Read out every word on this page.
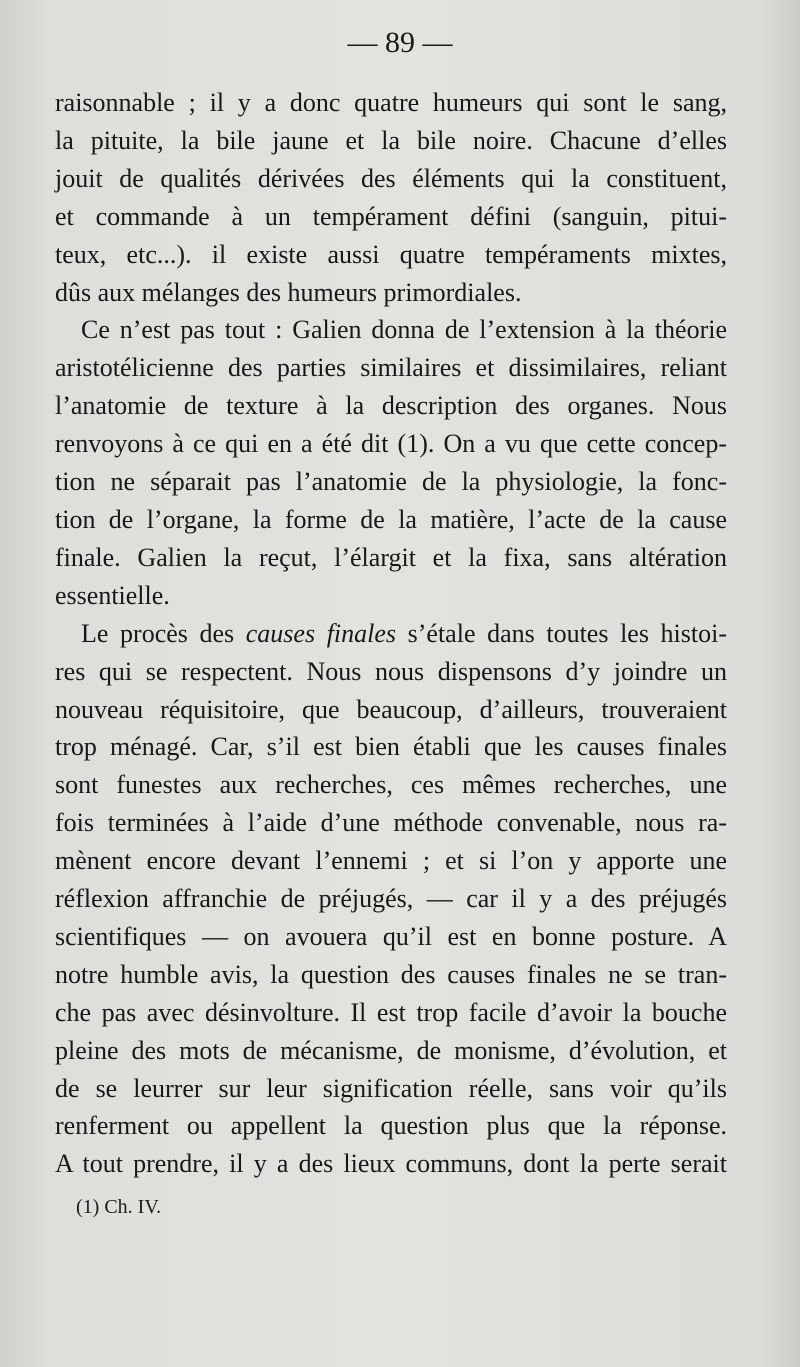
— 89 —
raisonnable ; il y a donc quatre humeurs qui sont le sang,
la pituite, la bile jaune et la bile noire. Chacune d’elles
jouit de qualités dérivées des éléments qui la constituent,
et commande à un tempérament défini (sanguin, pitui-
teux, etc...). il existe aussi quatre tempéraments mixtes,
dûs aux mélanges des humeurs primordiales.
Ce n’est pas tout : Galien donna de l’extension à la théorie
aristotélicienne des parties similaires et dissimilaires, reliant
l’anatomie de texture à la description des organes. Nous
renvoyons à ce qui en a été dit (1). On a vu que cette concep-
tion ne séparait pas l’anatomie de la physiologie, la fonc-
tion de l’organe, la forme de la matière, l’acte de la cause
finale. Galien la reçut, l’élargit et la fixa, sans altération
essentielle.
Le procès des causes finales s’étale dans toutes les histoi-
res qui se respectent. Nous nous dispensons d’y joindre un
nouveau réquisitoire, que beaucoup, d’ailleurs, trouveraient
trop ménagé. Car, s’il est bien établi que les causes finales
sont funestes aux recherches, ces mêmes recherches, une
fois terminées à l’aide d’une méthode convenable, nous ra-
mènent encore devant l’ennemi ; et si l’on y apporte une
réflexion affranchie de préjugés, — car il y a des préjugés
scientifiques — on avouera qu’il est en bonne posture. A
notre humble avis, la question des causes finales ne se tran-
che pas avec désinvolture. Il est trop facile d’avoir la bouche
pleine des mots de mécanisme, de monisme, d’évolution, et
de se leurrer sur leur signification réelle, sans voir qu’ils
renferment ou appellent la question plus que la réponse.
A tout prendre, il y a des lieux communs, dont la perte serait
(1) Ch. IV.
